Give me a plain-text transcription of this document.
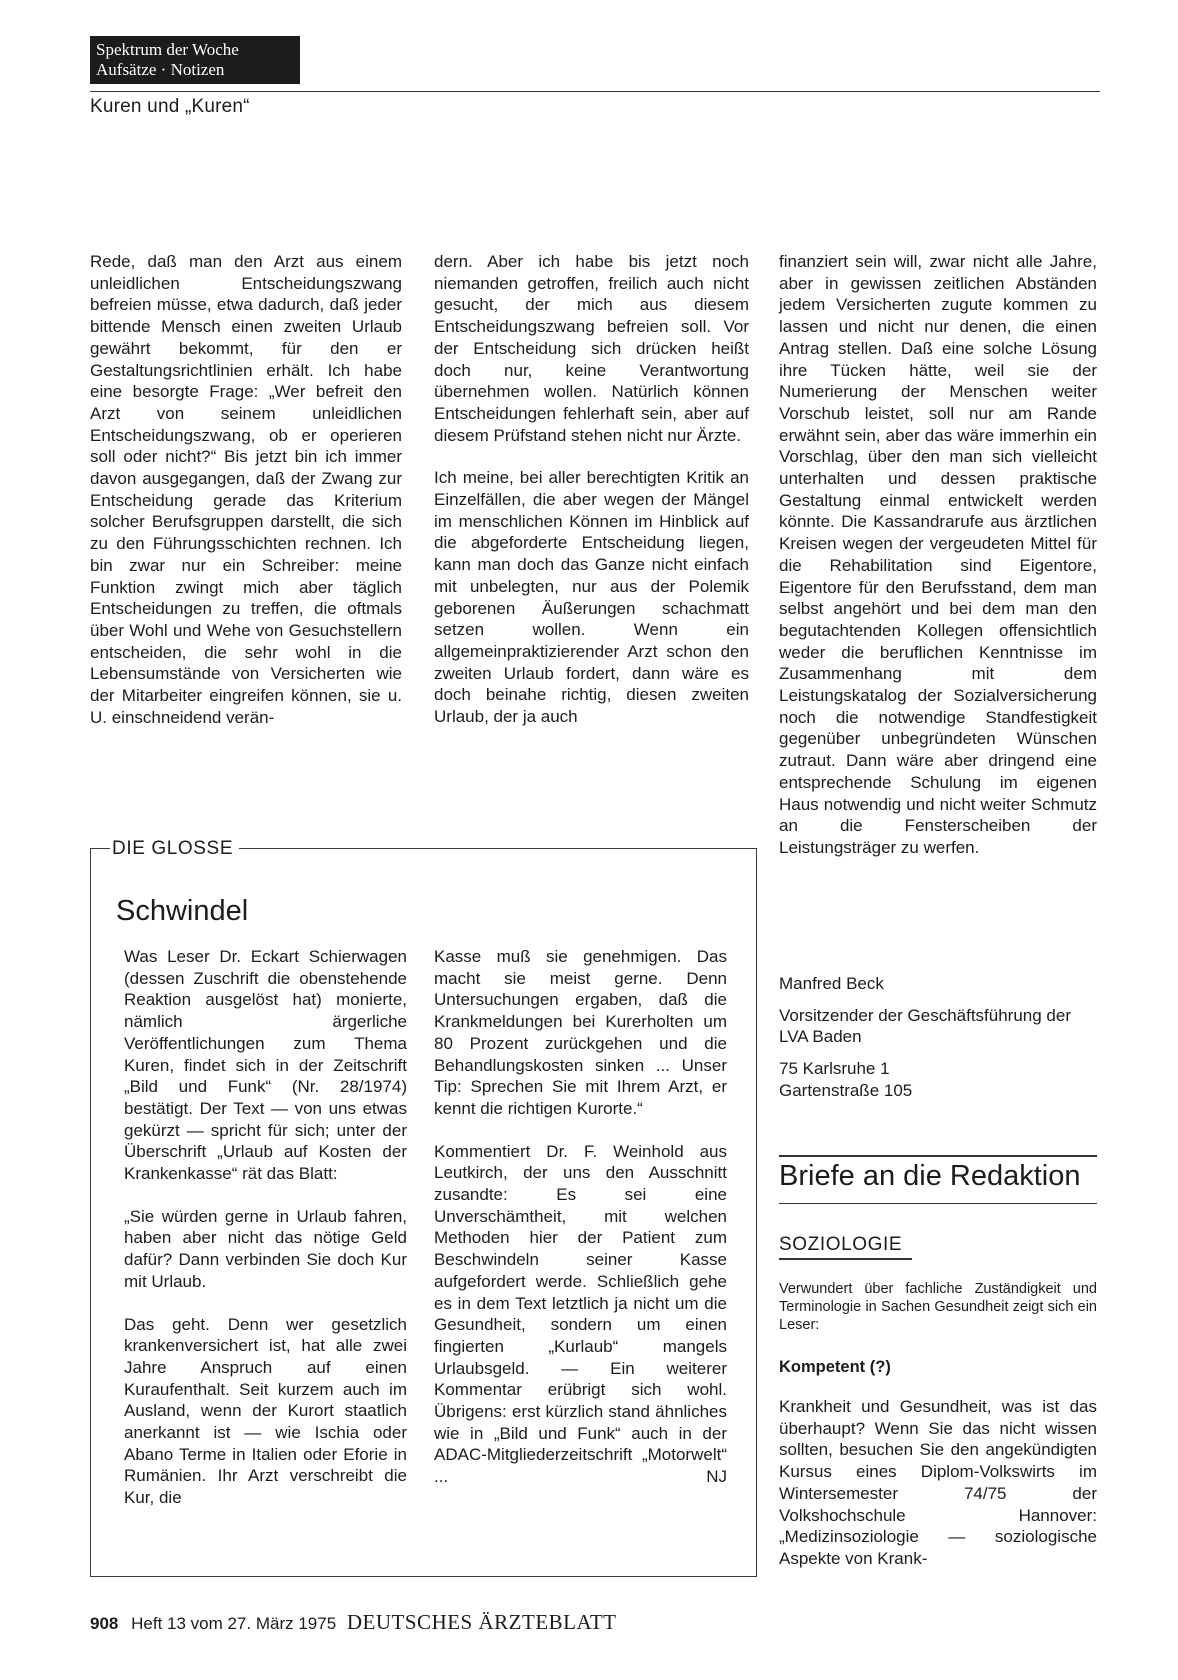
Spektrum der Woche
Aufsätze · Notizen
Kuren und „Kuren“

Rede, daß man den Arzt aus einem unleidlichen Entscheidungszwang befreien müsse, etwa dadurch, daß jeder bittende Mensch einen zweiten Urlaub gewährt bekommt, für den er Gestaltungsrichtlinien erhält. Ich habe eine besorgte Frage: „Wer befreit den Arzt von seinem unleidlichen Entscheidungszwang, ob er operieren soll oder nicht?“ Bis jetzt bin ich immer davon ausgegangen, daß der Zwang zur Entscheidung gerade das Kriterium solcher Berufsgruppen darstellt, die sich zu den Führungsschichten rechnen. Ich bin zwar nur ein Schreiber: meine Funktion zwingt mich aber täglich Entscheidungen zu treffen, die oftmals über Wohl und Wehe von Gesuchstellern entscheiden, die sehr wohl in die Lebensumstände von Versicherten wie der Mitarbeiter eingreifen können, sie u. U. einschneidend verän-

dern. Aber ich habe bis jetzt noch niemanden getroffen, freilich auch nicht gesucht, der mich aus diesem Entscheidungszwang befreien soll. Vor der Entscheidung sich drücken heißt doch nur, keine Verantwortung übernehmen wollen. Natürlich können Entscheidungen fehlerhaft sein, aber auf diesem Prüfstand stehen nicht nur Ärzte.

Ich meine, bei aller berechtigten Kritik an Einzelfällen, die aber wegen der Mängel im menschlichen Können im Hinblick auf die abgeforderte Entscheidung liegen, kann man doch das Ganze nicht einfach mit unbelegten, nur aus der Polemik geborenen Äußerungen schachmatt setzen wollen. Wenn ein allgemeinpraktizierender Arzt schon den zweiten Urlaub fordert, dann wäre es doch beinahe richtig, diesen zweiten Urlaub, der ja auch

finanziert sein will, zwar nicht alle Jahre, aber in gewissen zeitlichen Abständen jedem Versicherten zugute kommen zu lassen und nicht nur denen, die einen Antrag stellen. Daß eine solche Lösung ihre Tücken hätte, weil sie der Numerierung der Menschen weiter Vorschub leistet, soll nur am Rande erwähnt sein, aber das wäre immerhin ein Vorschlag, über den man sich vielleicht unterhalten und dessen praktische Gestaltung einmal entwickelt werden könnte. Die Kassandrarufe aus ärztlichen Kreisen wegen der vergeudeten Mittel für die Rehabilitation sind Eigentore, Eigentore für den Berufsstand, dem man selbst angehört und bei dem man den begutachtenden Kollegen offensichtlich weder die beruflichen Kenntnisse im Zusammenhang mit dem Leistungskatalog der Sozialversicherung noch die notwendige Standfestigkeit gegenüber unbegründeten Wünschen zutraut. Dann wäre aber dringend eine entsprechende Schulung im eigenen Haus notwendig und nicht weiter Schmutz an die Fensterscheiben der Leistungsträger zu werfen.

Manfred Beck

Vorsitzender der Geschäftsführung der LVA Baden

75 Karlsruhe 1
Gartenstraße 105

DIE GLOSSE
Schwindel

Was Leser Dr. Eckart Schierwagen (dessen Zuschrift die obenstehende Reaktion ausgelöst hat) monierte, nämlich ärgerliche Veröffentlichungen zum Thema Kuren, findet sich in der Zeitschrift „Bild und Funk“ (Nr. 28/1974) bestätigt. Der Text — von uns etwas gekürzt — spricht für sich; unter der Überschrift „Urlaub auf Kosten der Krankenkasse“ rät das Blatt:

„Sie würden gerne in Urlaub fahren, haben aber nicht das nötige Geld dafür? Dann verbinden Sie doch Kur mit Urlaub.

Das geht. Denn wer gesetzlich krankenversichert ist, hat alle zwei Jahre Anspruch auf einen Kuraufenthalt. Seit kurzem auch im Ausland, wenn der Kurort staatlich anerkannt ist — wie Ischia oder Abano Terme in Italien oder Eforie in Rumänien. Ihr Arzt verschreibt die Kur, die

Kasse muß sie genehmigen. Das macht sie meist gerne. Denn Untersuchungen ergaben, daß die Krankmeldungen bei Kurerholten um 80 Prozent zurückgehen und die Behandlungskosten sinken ... Unser Tip: Sprechen Sie mit Ihrem Arzt, er kennt die richtigen Kurorte.“

Kommentiert Dr. F. Weinhold aus Leutkirch, der uns den Ausschnitt zusandte: Es sei eine Unverschämtheit, mit welchen Methoden hier der Patient zum Beschwindeln seiner Kasse aufgefordert werde. Schließlich gehe es in dem Text letztlich ja nicht um die Gesundheit, sondern um einen fingierten „Kurlaub“ mangels Urlaubsgeld. — Ein weiterer Kommentar erübrigt sich wohl. Übrigens: erst kürzlich stand ähnliches wie in „Bild und Funk“ auch in der ADAC-Mitgliederzeitschrift „Motorwelt“ ...	NJ

Briefe an die Redaktion
SOZIOLOGIE
Verwundert über fachliche Zuständigkeit und Terminologie in Sachen Gesundheit zeigt sich ein Leser:
Kompetent (?)

Krankheit und Gesundheit, was ist das überhaupt? Wenn Sie das nicht wissen sollten, besuchen Sie den angekündigten Kursus eines Diplom-Volkswirts im Wintersemester 74/75 der Volkshochschule Hannover: „Medizinsoziologie — soziologische Aspekte von Krank-

908 Heft 13 vom 27. März 1975 DEUTSCHES ÄRZTEBLATT
